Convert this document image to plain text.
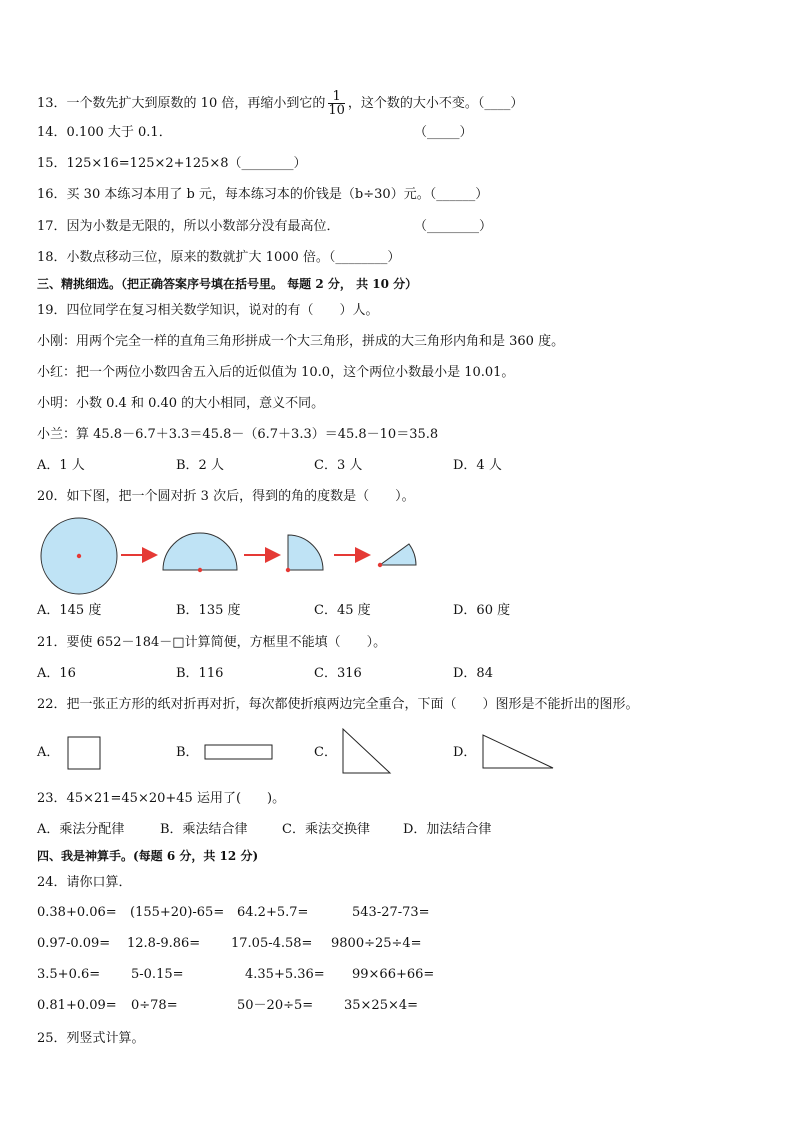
13．一个数先扩大到原数的 10 倍，再缩小到它的 $\frac{1}{10}$ ，这个数的大小不变。（____）
14．0.100 大于 0.1．	（_____）
15．125×16=125×2+125×8（________）
16．买 30 本练习本用了 b 元，每本练习本的价钱是（b÷30）元。（______）
17．因为小数是无限的，所以小数部分没有最高位．	（________）
18．小数点移动三位，原来的数就扩大 1000 倍。（________）
三、精挑细选。（把正确答案序号填在括号里。 每题 2 分， 共 10 分）
19．四位同学在复习相关数学知识，说对的有（　　）人。
小刚：用两个完全一样的直角三角形拼成一个大三角形，拼成的大三角形内角和是 360 度。
小红：把一个两位小数四舍五入后的近似值为 10.0，这个两位小数最小是 10.01。
小明：小数 0.4 和 0.40 的大小相同，意义不同。
小兰：算 45.8－6.7＋3.3＝45.8－（6.7＋3.3）＝45.8－10＝35.8
A．1 人	B．2 人	C．3 人	D．4 人
20．如下图，把一个圆对折 3 次后，得到的角的度数是（　　）。
A．145 度	B．135 度	C．45 度	D．60 度
21．要使 652－184－□计算简便，方框里不能填（　　）。
A．16	B．116	C．316	D．84
22．把一张正方形的纸对折再对折，每次都使折痕两边完全重合，下面（　　）图形是不能折出的图形。
A．	B．	C．	D．
23．45×21=45×20+45 运用了(　　)。
A．乘法分配律	B．乘法结合律	C．乘法交换律	D．加法结合律
四、我是神算手。(每题 6 分，共 12 分)
24．请你口算．
0.38+0.06= (155+20)-65= 64.2+5.7=	543-27-73=
0.97-0.09= 12.8-9.86= 17.05-4.58= 9800÷25÷4=
3.5+0.6= 5-0.15=	4.35+5.36= 99×66+66=
0.81+0.09= 0÷78=	50－20÷5= 35×25×4=
25．列竖式计算。
